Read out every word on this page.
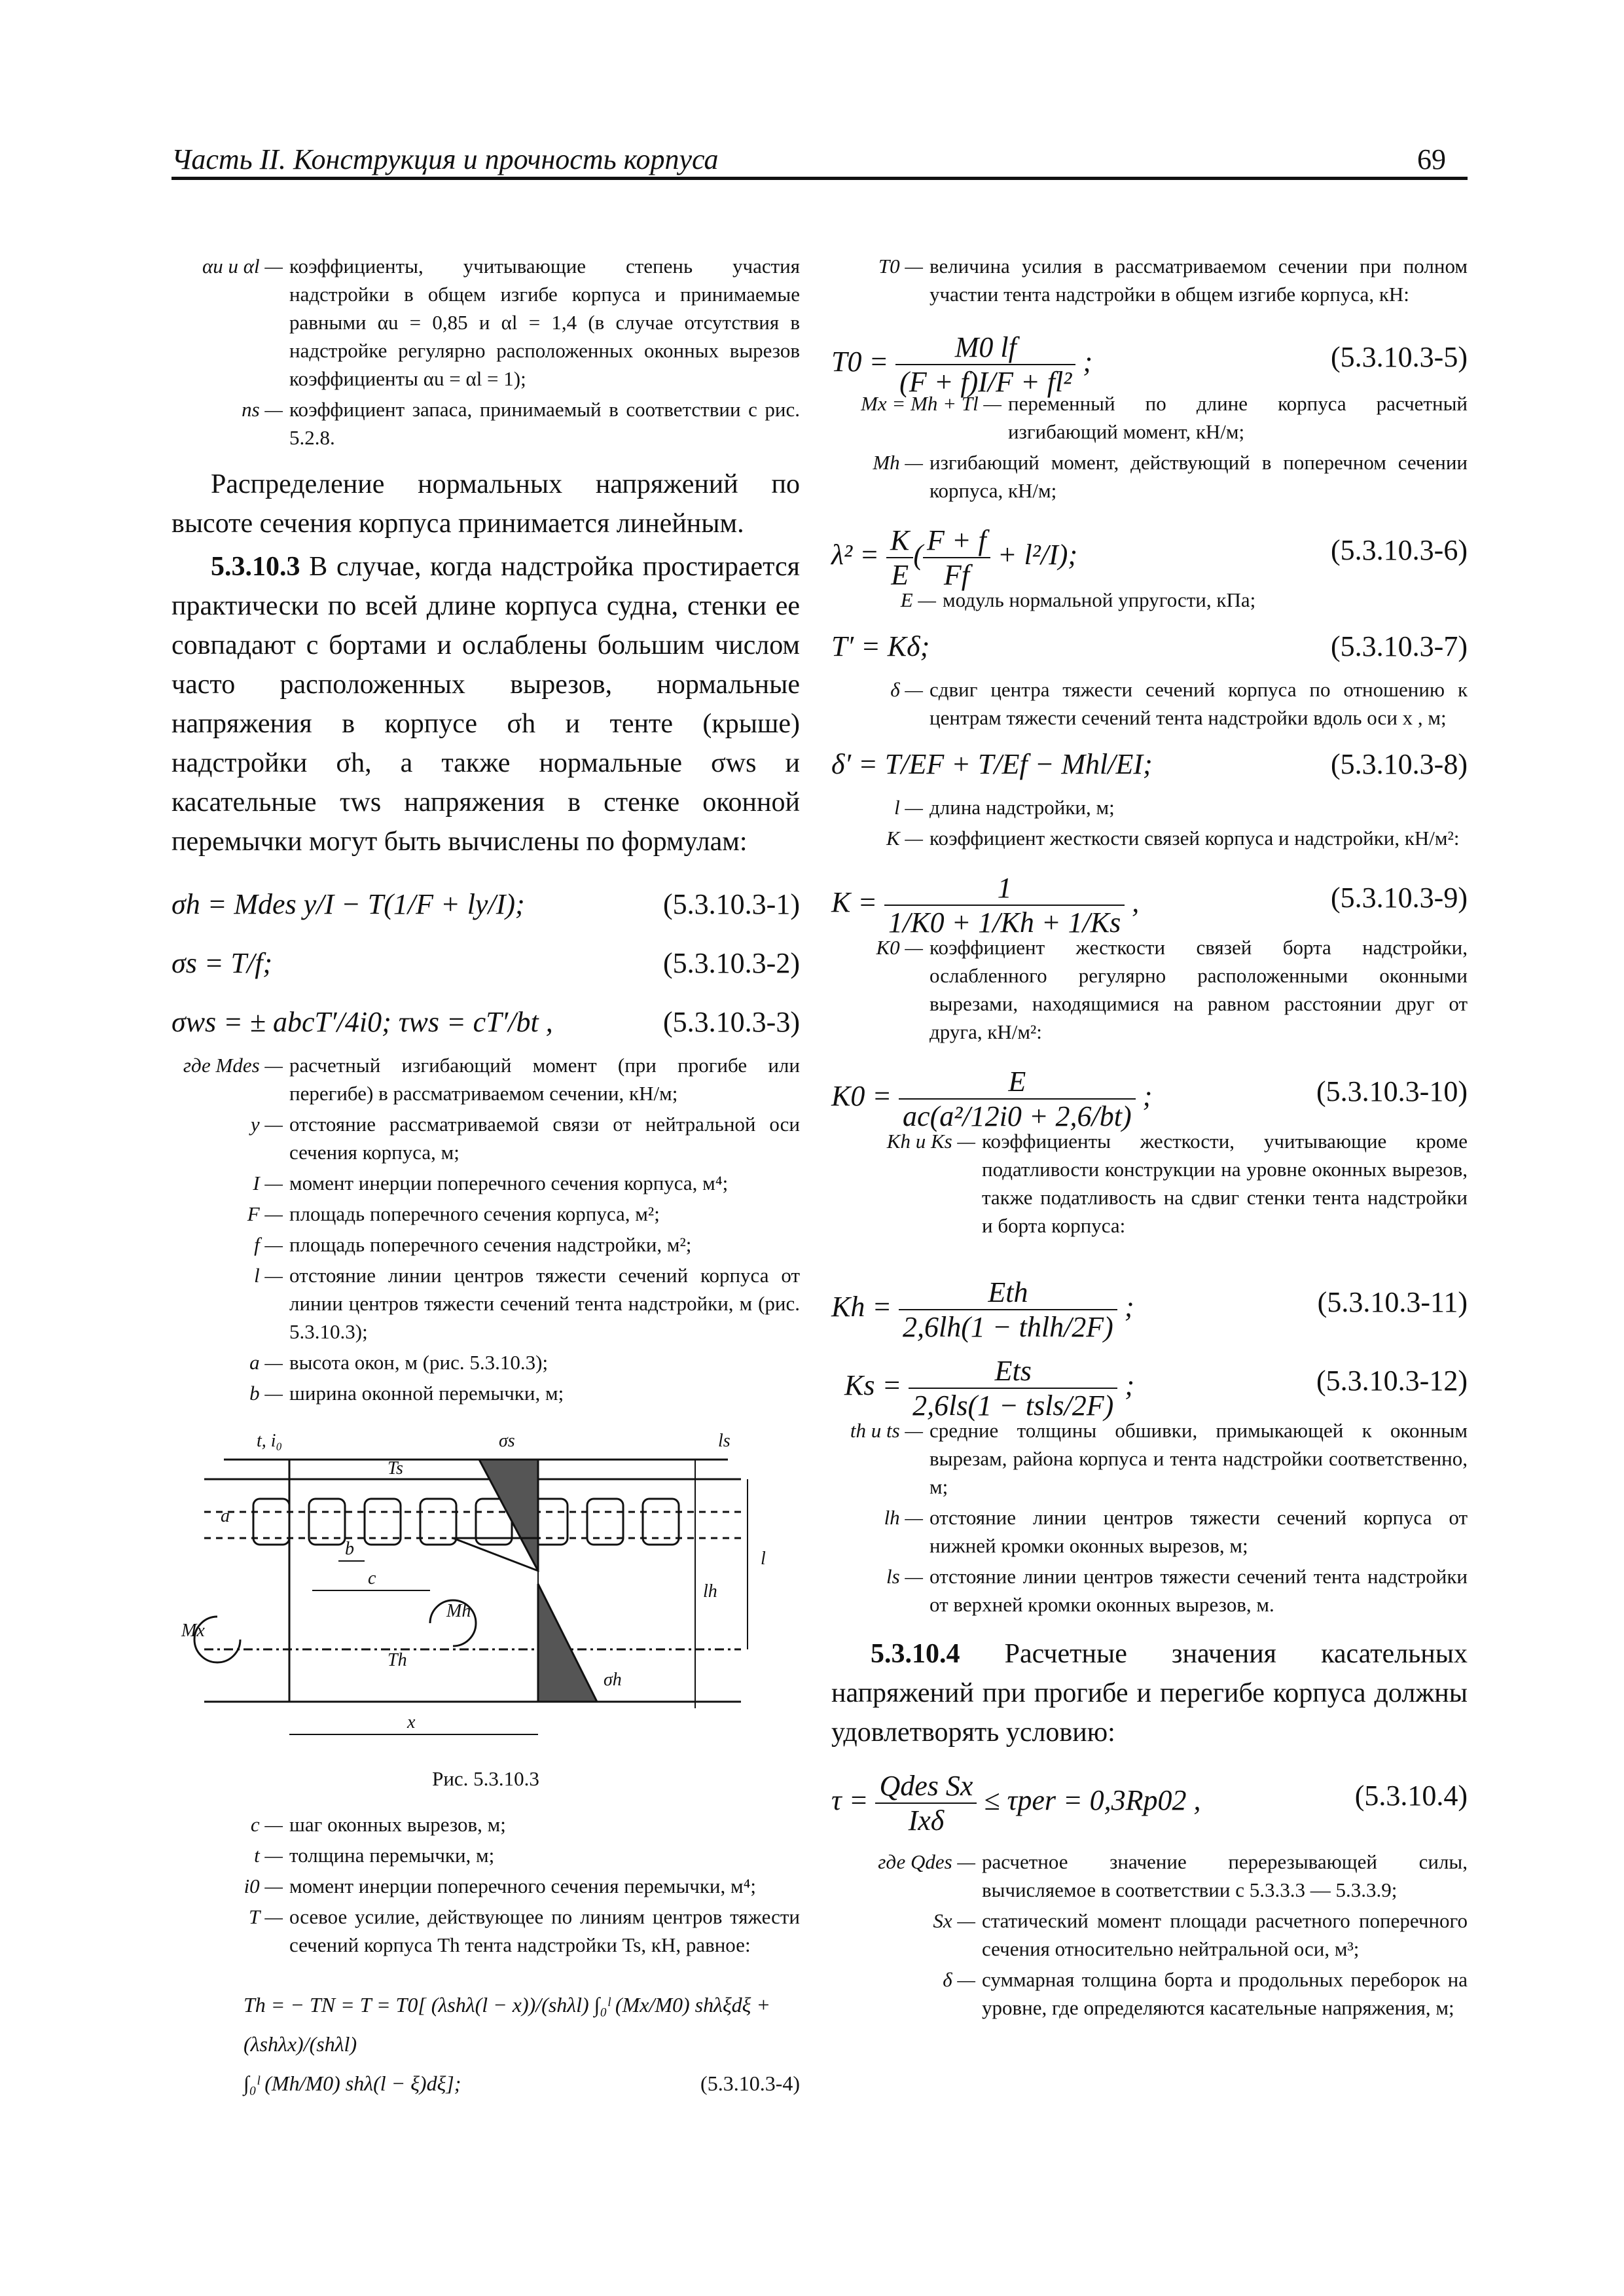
Часть II. Конструкция и прочность корпуса	69
αu и αl — коэффициенты, учитывающие степень участия надстройки в общем изгибе корпуса и принимаемые равными αu = 0,85 и αl = 1,4 (в случае отсутствия в надстройке регулярно расположенных оконных вырезов коэффициенты αu = αl = 1);
ns — коэффициент запаса, принимаемый в соответствии с рис. 5.2.8.

Распределение нормальных напряжений по высоте сечения корпуса принимается линейным.

5.3.10.3 В случае, когда надстройка простирается практически по всей длине корпуса судна, стенки ее совпадают с бортами и ослаблены большим числом часто расположенных вырезов, нормальные напряжения в корпусе σh и тенте (крыше) надстройки σh, а также нормальные σws и касательные τws напряжения в стенке оконной перемычки могут быть вычислены по формулам:

σh = Mdes y/I − T(1/F + ly/I);	(5.3.10.3-1)
σs = T/f;	(5.3.10.3-2)
σws = ± abcT′/4i0; τws = cT′/bt ,	(5.3.10.3-3)
где Mdes — расчетный изгибающий момент (при прогибе или перегибе) в рассматриваемом сечении, кН/м;
y — отстояние рассматриваемой связи от нейтральной оси сечения корпуса, м;
I — момент инерции поперечного сечения корпуса, м⁴;
F — площадь поперечного сечения корпуса, м²;
f — площадь поперечного сечения надстройки, м²;
l — отстояние линии центров тяжести сечений корпуса от линии центров тяжести сечений тента надстройки, м (рис. 5.3.10.3);
a — высота окон, м (рис. 5.3.10.3);
b — ширина оконной перемычки, м;
t, i₀	σs	ls
Ts
a
b
c
l
lh
Mh
Mx
Th
σh
x
Рис. 5.3.10.3
c — шаг оконных вырезов, м;
t — толщина перемычки, м;
i0 — момент инерции поперечного сечения перемычки, м⁴;
T — осевое усилие, действующее по линиям центров тяжести сечений корпуса Th тента надстройки Ts, кН, равное:
Th = − TN = T = T0[ (λshλ(l − x))/(shλl) ∫₀ˡ (Mx/M0) shλξdξ + (λshλx)/(shλl)
∫₀ˡ (Mh/M0) shλ(l − ξ)dξ];	(5.3.10.3-4)
T0 — величина усилия в рассматриваемом сечении при полном участии тента надстройки в общем изгибе корпуса, кН:
$T0 = \frac{M0 lf}{\text{(F + f)I/F + fl²}}$ ;	(5.3.10.3-5)
Mx = Mh + Tl — переменный по длине корпуса расчетный изгибающий момент, кН/м;
Mh — изгибающий момент, действующий в поперечном сечении корпуса, кН/м;
$\lambda^2 = \frac{K}{E}$ ( $\frac{F + f}{Ff} + l^2/I$);	(5.3.10.3-6)
E — модуль нормальной упругости, кПа;
T′ = Kδ;	(5.3.10.3-7)
δ — сдвиг центра тяжести сечений корпуса по отношению к центрам тяжести сечений тента надстройки вдоль оси x , м;
δ′ = T/EF + T/Ef − Mhl/EI;	(5.3.10.3-8)
l — длина надстройки, м;
K — коэффициент жесткости связей корпуса и надстройки, кН/м²:
$K = \frac{1}{1/K0 + 1/Kh + 1/Ks}$ ,	(5.3.10.3-9)
K0 — коэффициент жесткости связей борта надстройки, ослабленного регулярно расположенными оконными вырезами, находящимися на равном расстоянии друг от друга, кН/м²:
$K0 = \frac{E}{\text{ac(a²/12i0 + 2,6/bt)}}$ ;	(5.3.10.3-10)
Kh и Ks — коэффициенты жесткости, учитывающие кроме податливости конструкции на уровне оконных вырезов, также податливость на сдвиг стенки тента надстройки и борта корпуса:
$Kh = \frac{\text{Eth}}{\text{2,6lh(1 − thlh/2F)}}$ ;	(5.3.10.3-11)
$Ks = \frac{\text{Ets}}{\text{2,6ls(1 − tsls/2F)}}$ ;	(5.3.10.3-12)
th и ts — средние толщины обшивки, примыкающей к оконным вырезам, района корпуса и тента надстройки соответственно, м;
lh — отстояние линии центров тяжести сечений корпуса от нижней кромки оконных вырезов, м;
ls — отстояние линии центров тяжести сечений тента надстройки от верхней кромки оконных вырезов, м.

5.3.10.4 Расчетные значения касательных напряжений при прогибе и перегибе корпуса должны удовлетворять условию:

$\tau = \frac{\text{Qdes Sx}}{\text{Ixδ}} \le \tau per = 0,3Rp02$ ,	(5.3.10.4)
где Qdes — расчетное значение перерезывающей силы, вычисляемое в соответствии с 5.3.3.3 — 5.3.3.9;
Sx — статический момент площади расчетного поперечного сечения относительно нейтральной оси, м³;
δ — суммарная толщина борта и продольных переборок на уровне, где определяются касательные напряжения, м;
